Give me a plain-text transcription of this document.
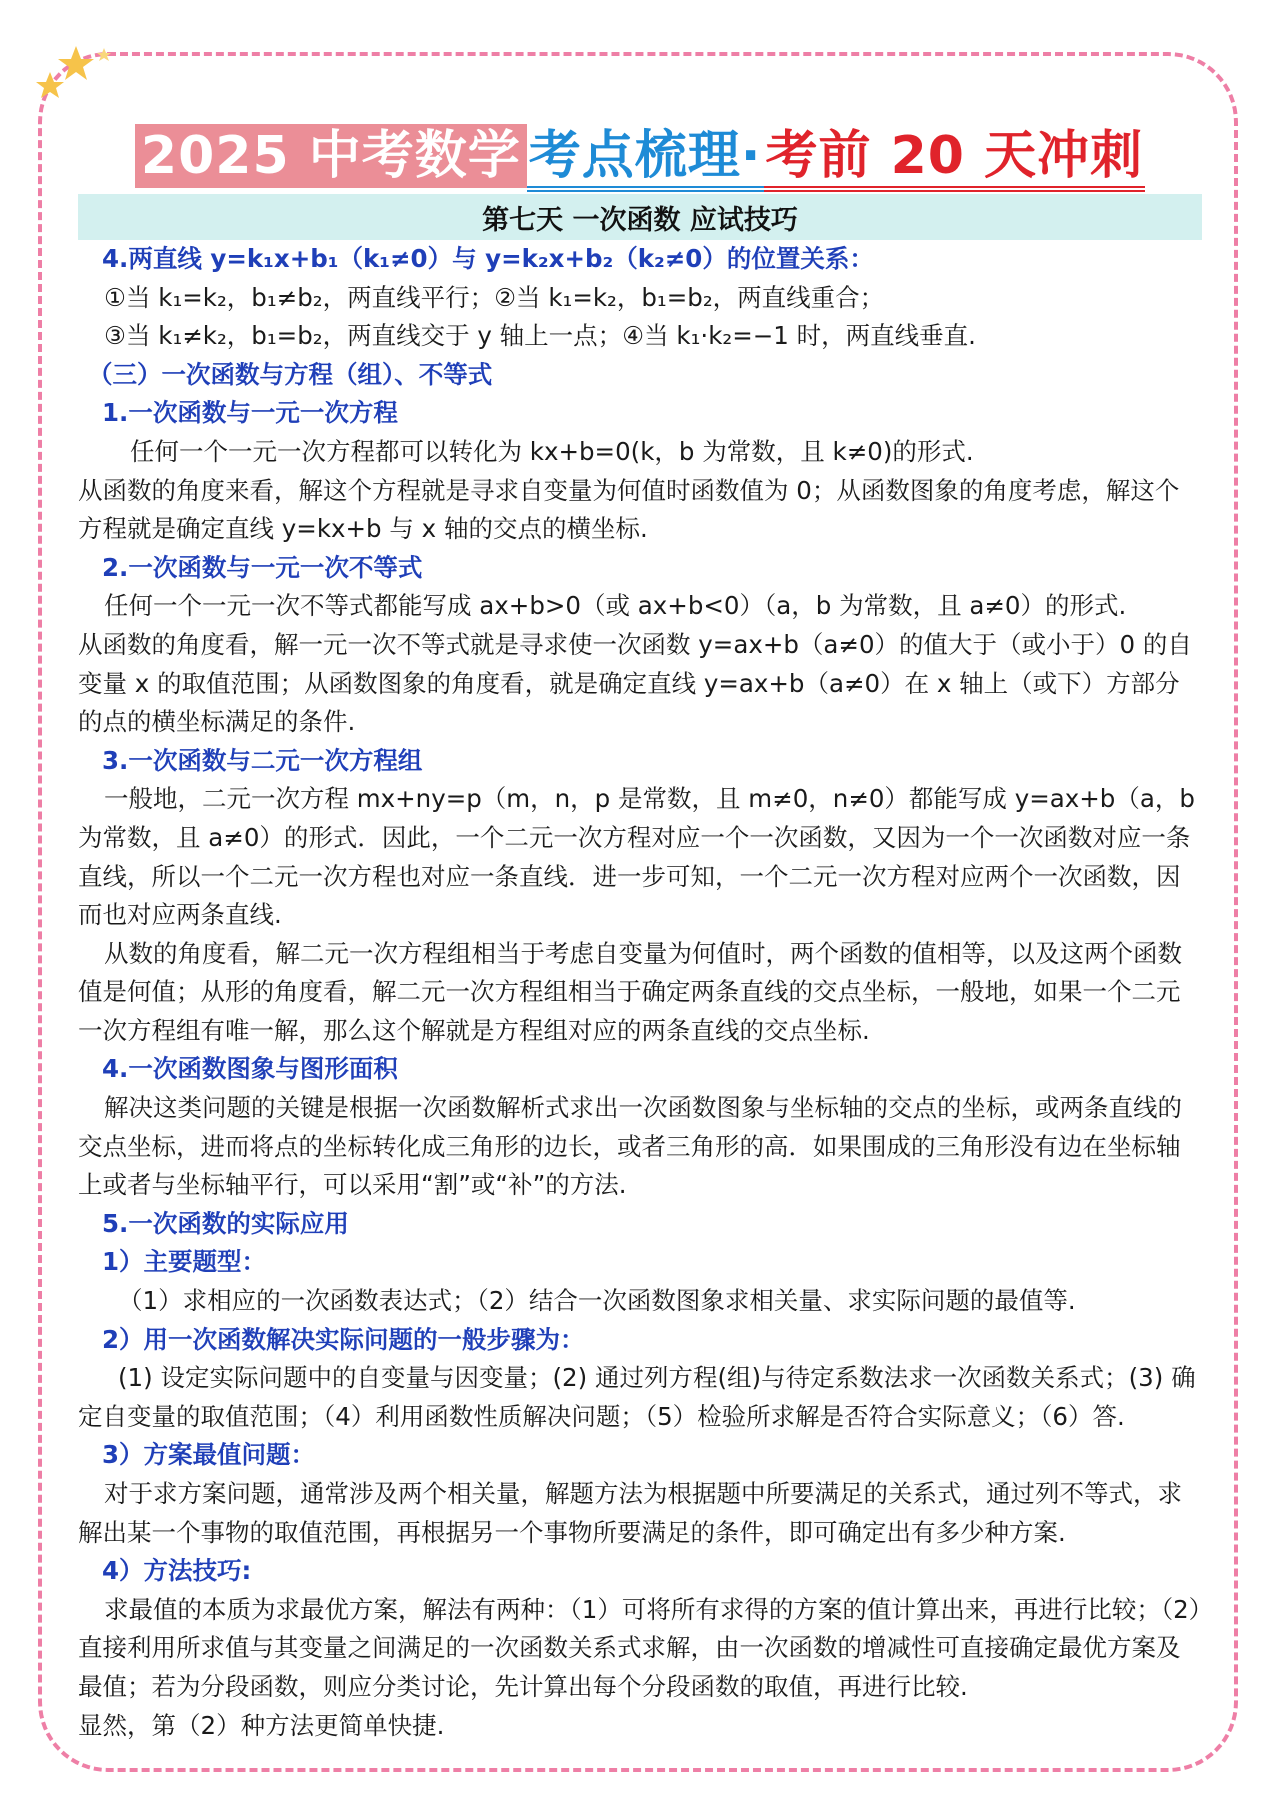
2025 中考数学 考点梳理·考前 20 天冲刺
第七天 一次函数 应试技巧

4.两直线 y=k₁x+b₁（k₁≠0）与 y=k₂x+b₂（k₂≠0）的位置关系：

①当 k₁=k₂，b₁≠b₂，两直线平行；②当 k₁=k₂，b₁=b₂，两直线重合；

③当 k₁≠k₂，b₁=b₂，两直线交于 y 轴上一点；④当 k₁·k₂=−1 时，两直线垂直.

（三）一次函数与方程（组）、不等式

1.一次函数与一元一次方程

任何一个一元一次方程都可以转化为 kx+b=0(k，b 为常数，且 k≠0)的形式.

从函数的角度来看，解这个方程就是寻求自变量为何值时函数值为 0；从函数图象的角度考虑，解这个方程就是确定直线 y=kx+b 与 x 轴的交点的横坐标.

2.一次函数与一元一次不等式

任何一个一元一次不等式都能写成 ax+b>0（或 ax+b<0）（a，b 为常数，且 a≠0）的形式.

从函数的角度看，解一元一次不等式就是寻求使一次函数 y=ax+b（a≠0）的值大于（或小于）0 的自变量 x 的取值范围；从函数图象的角度看，就是确定直线 y=ax+b（a≠0）在 x 轴上（或下）方部分的点的横坐标满足的条件.

3.一次函数与二元一次方程组

一般地，二元一次方程 mx+ny=p（m，n，p 是常数，且 m≠0，n≠0）都能写成 y=ax+b（a，b 为常数，且 a≠0）的形式．因此，一个二元一次方程对应一个一次函数，又因为一个一次函数对应一条直线，所以一个二元一次方程也对应一条直线．进一步可知，一个二元一次方程对应两个一次函数，因而也对应两条直线.

从数的角度看，解二元一次方程组相当于考虑自变量为何值时，两个函数的值相等，以及这两个函数值是何值；从形的角度看，解二元一次方程组相当于确定两条直线的交点坐标，一般地，如果一个二元一次方程组有唯一解，那么这个解就是方程组对应的两条直线的交点坐标.

4.一次函数图象与图形面积

解决这类问题的关键是根据一次函数解析式求出一次函数图象与坐标轴的交点的坐标，或两条直线的交点坐标，进而将点的坐标转化成三角形的边长，或者三角形的高．如果围成的三角形没有边在坐标轴上或者与坐标轴平行，可以采用“割”或“补”的方法.

5.一次函数的实际应用

1）主要题型：

（1）求相应的一次函数表达式；（2）结合一次函数图象求相关量、求实际问题的最值等.

2）用一次函数解决实际问题的一般步骤为：

(1) 设定实际问题中的自变量与因变量；(2) 通过列方程(组)与待定系数法求一次函数关系式；(3) 确定自变量的取值范围；（4）利用函数性质解决问题；（5）检验所求解是否符合实际意义；（6）答.

3）方案最值问题：

对于求方案问题，通常涉及两个相关量，解题方法为根据题中所要满足的关系式，通过列不等式，求解出某一个事物的取值范围，再根据另一个事物所要满足的条件，即可确定出有多少种方案.

4）方法技巧:

求最值的本质为求最优方案，解法有两种：（1）可将所有求得的方案的值计算出来，再进行比较；（2）直接利用所求值与其变量之间满足的一次函数关系式求解，由一次函数的增减性可直接确定最优方案及最值；若为分段函数，则应分类讨论，先计算出每个分段函数的取值，再进行比较.

显然，第（2）种方法更简单快捷.
